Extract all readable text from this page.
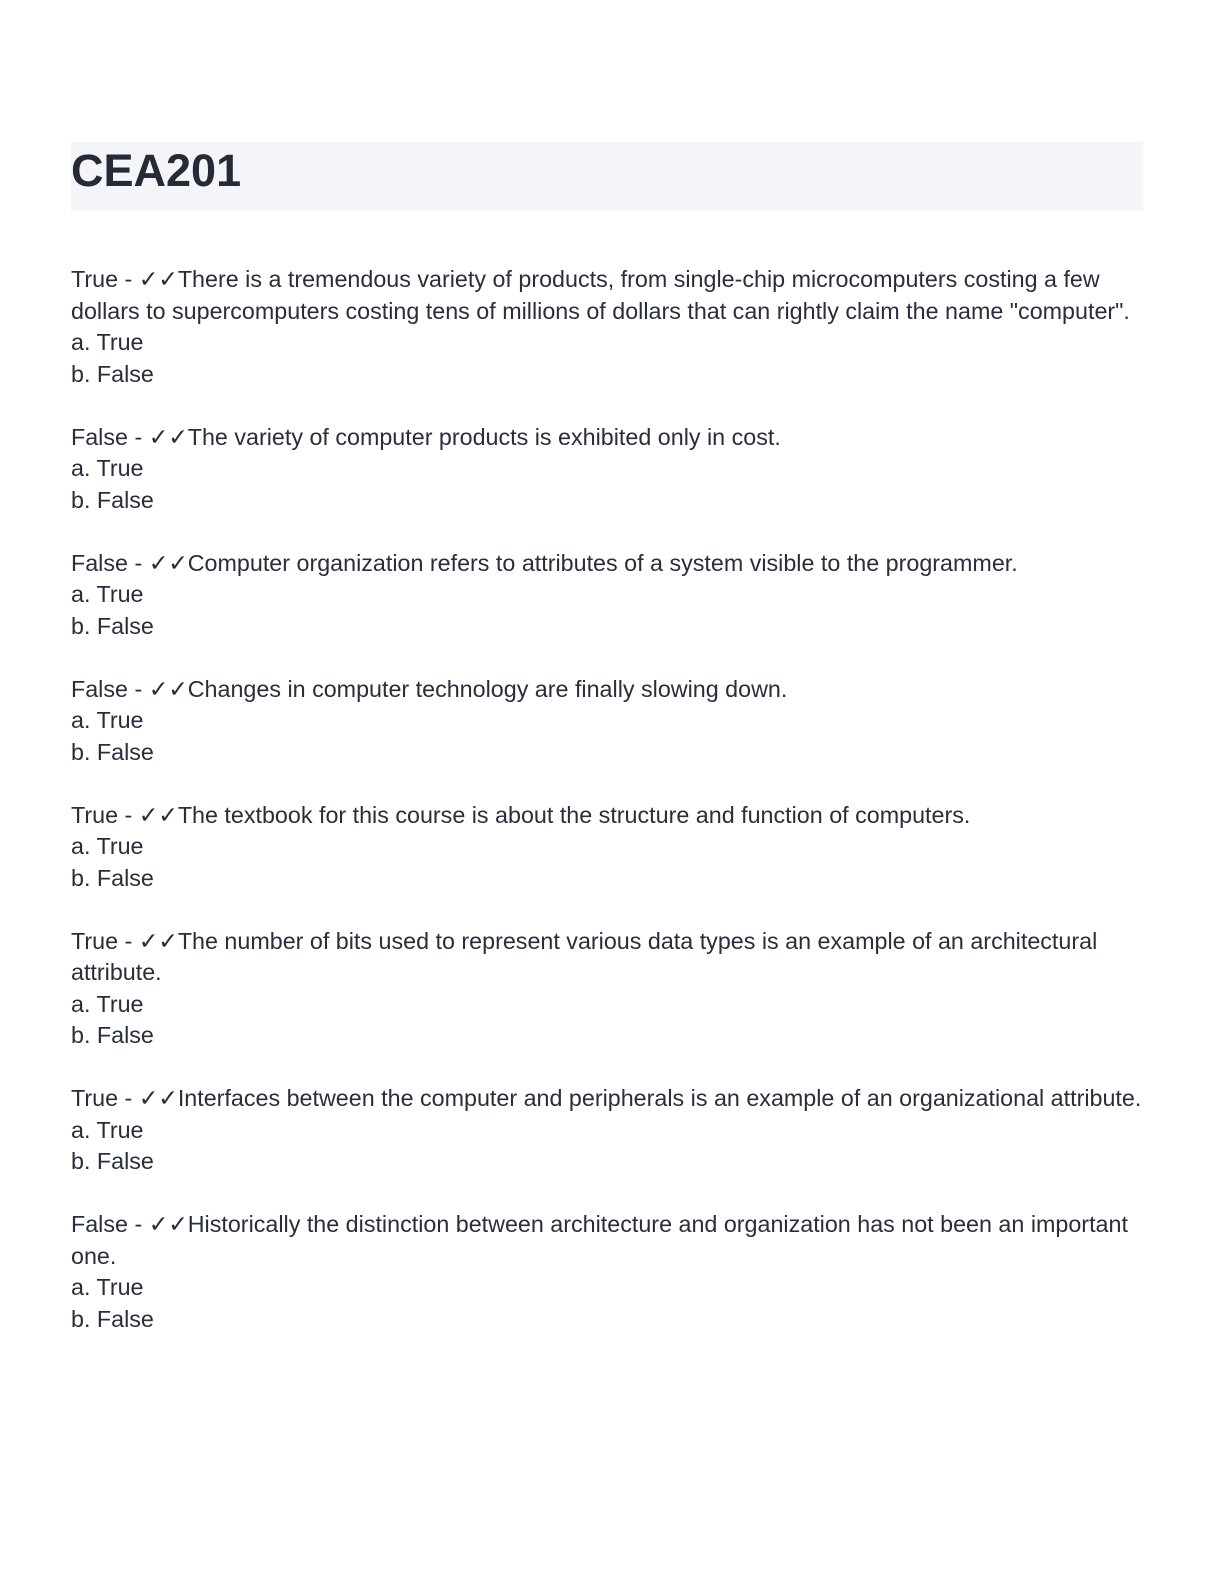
CEA201

True - ✓✓There is a tremendous variety of products, from single-chip microcomputers costing a few dollars to supercomputers costing tens of millions of dollars that can rightly claim the name "computer".

a. True

b. False

False - ✓✓The variety of computer products is exhibited only in cost.

a. True

b. False

False - ✓✓Computer organization refers to attributes of a system visible to the programmer.

a. True

b. False

False - ✓✓Changes in computer technology are finally slowing down.

a. True

b. False

True - ✓✓The textbook for this course is about the structure and function of computers.

a. True

b. False

True - ✓✓The number of bits used to represent various data types is an example of an architectural attribute.

a. True

b. False

True - ✓✓Interfaces between the computer and peripherals is an example of an organizational attribute.

a. True

b. False

False - ✓✓Historically the distinction between architecture and organization has not been an important one.

a. True

b. False
